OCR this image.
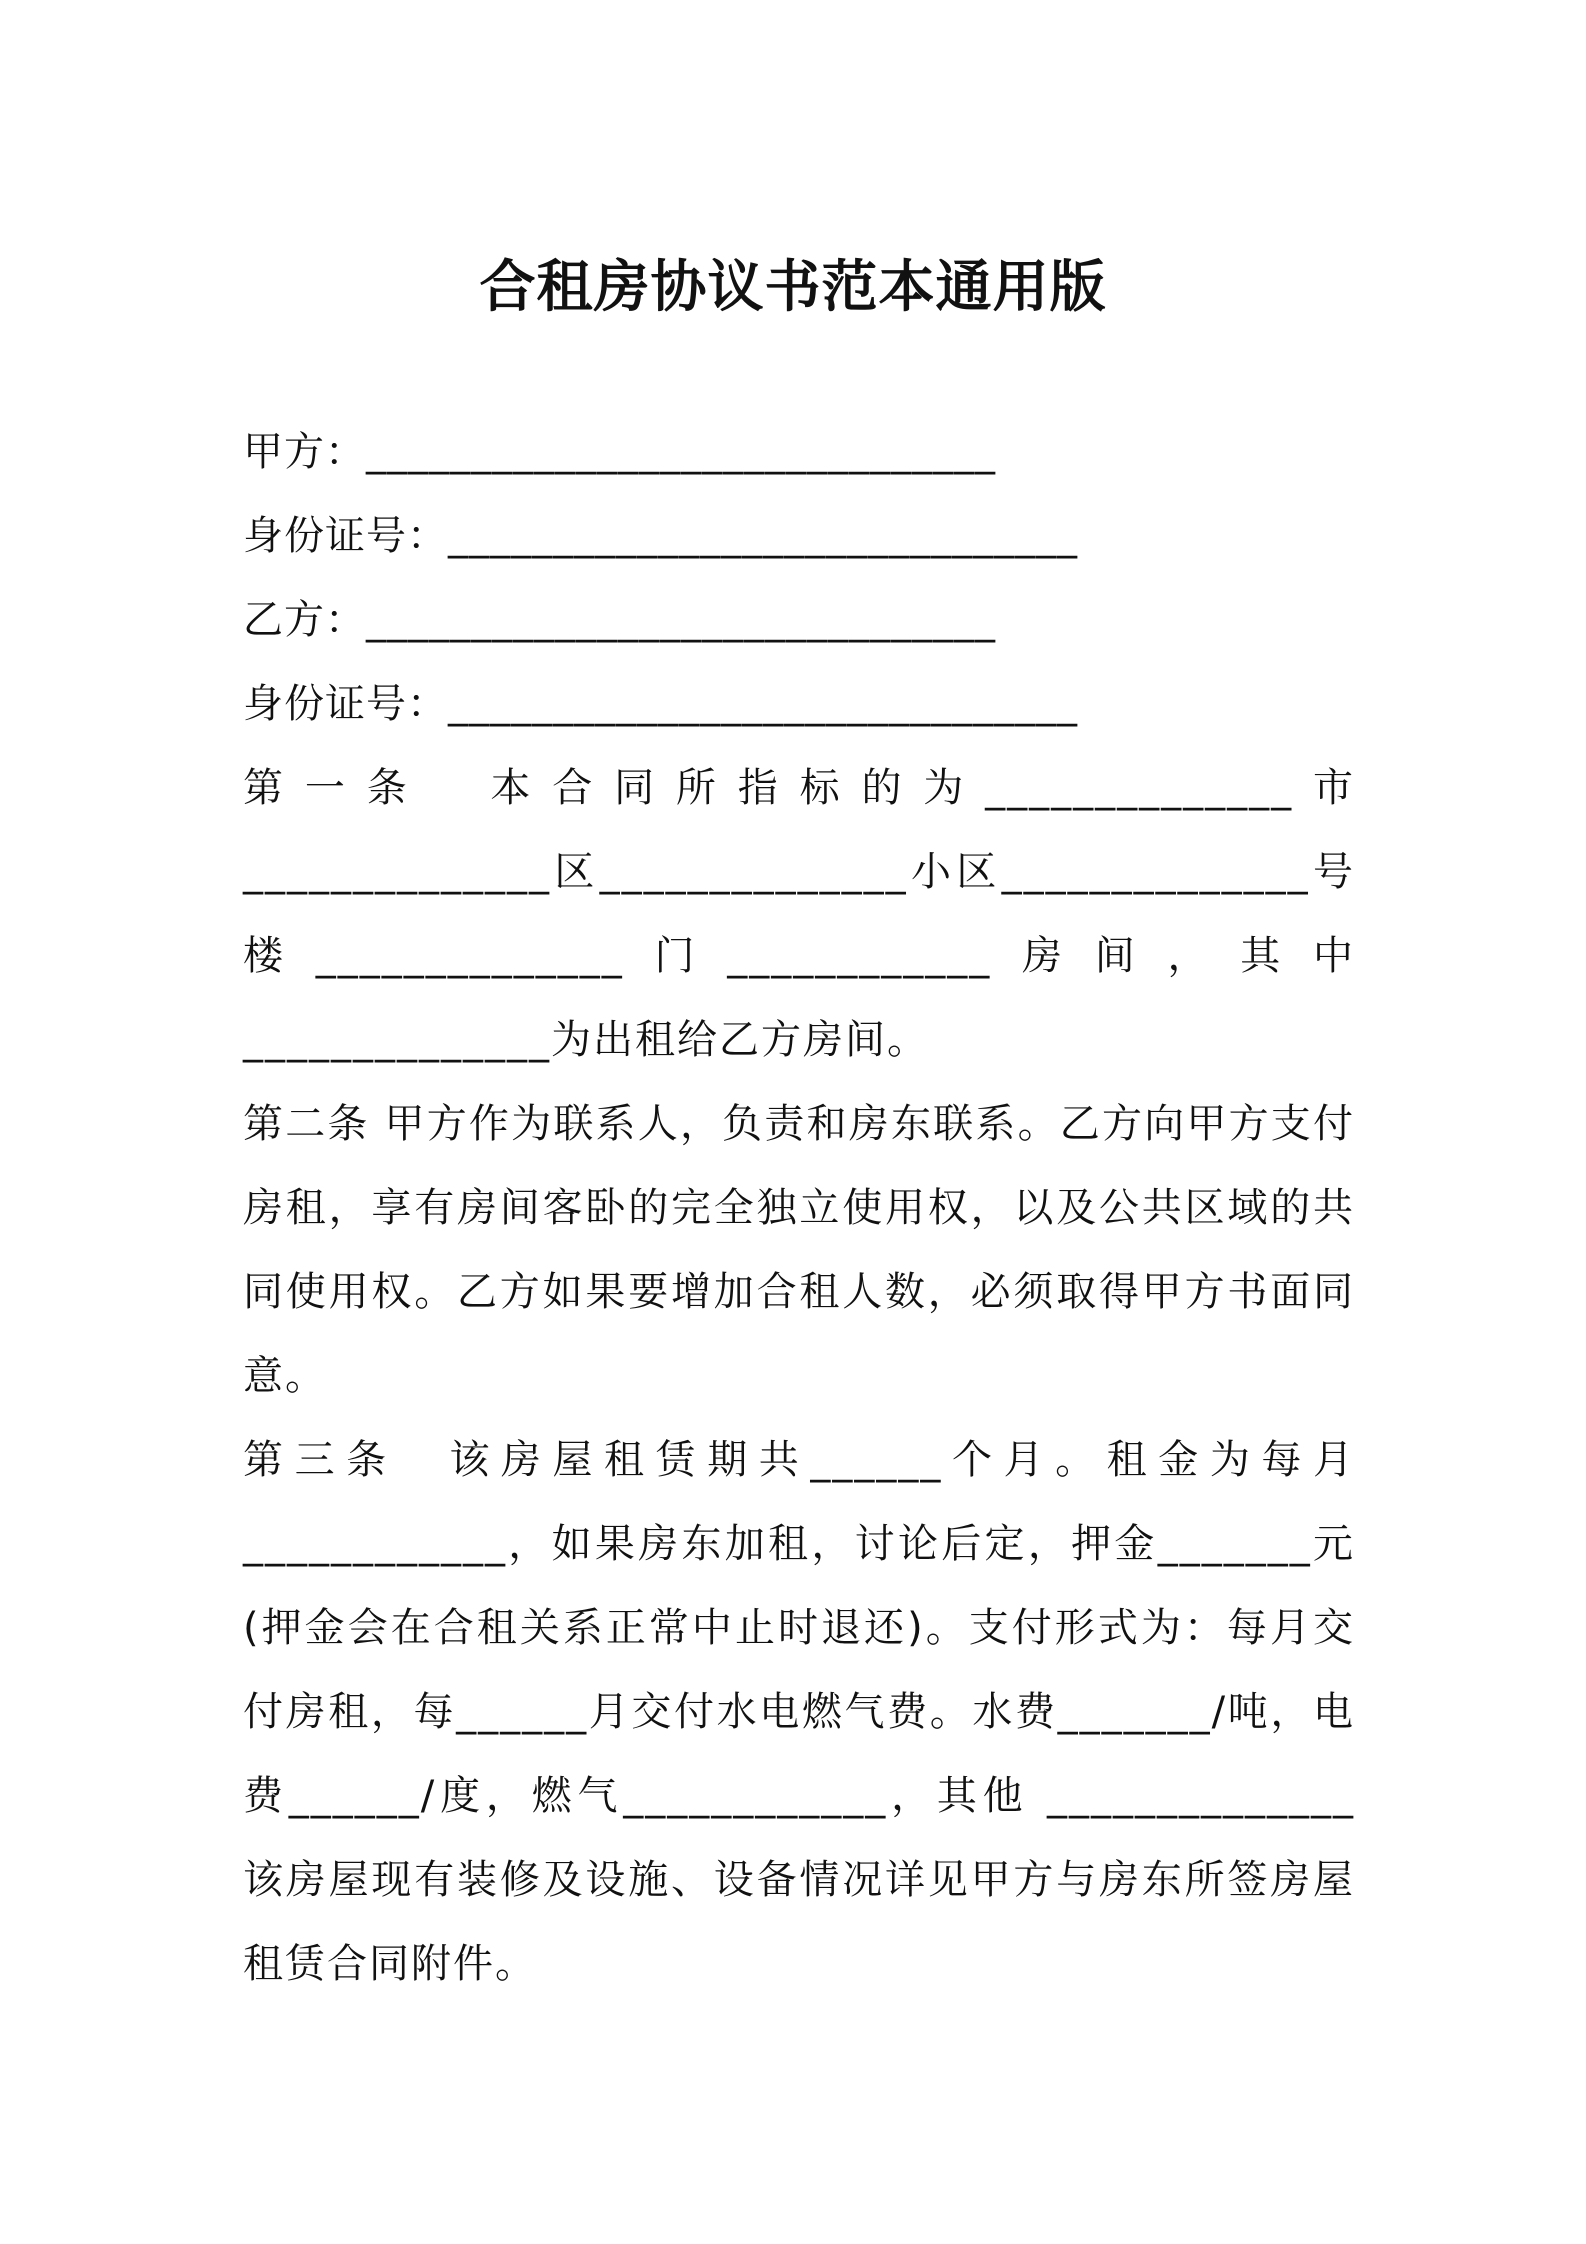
合租房协议书范本通用版
甲方：______________________________
身份证号：______________________________
乙方：______________________________
身份证号：______________________________
第一条　本合同所指标的为______________市______________区______________小区______________号楼______________门____________房间，其中______________为出租给乙方房间。
第二条 甲方作为联系人，负责和房东联系。乙方向甲方支付房租，享有房间客卧的完全独立使用权，以及公共区域的共同使用权。乙方如果要增加合租人数，必须取得甲方书面同意。
第三条　该房屋租赁期共______个月。租金为每月____________，如果房东加租，讨论后定，押金_______元(押金会在合租关系正常中止时退还)。支付形式为：每月交付房租，每______月交付水电燃气费。水费_______/吨，电费______/度，燃气____________，其他 ______________该房屋现有装修及设施、设备情况详见甲方与房东所签房屋租赁合同附件。
